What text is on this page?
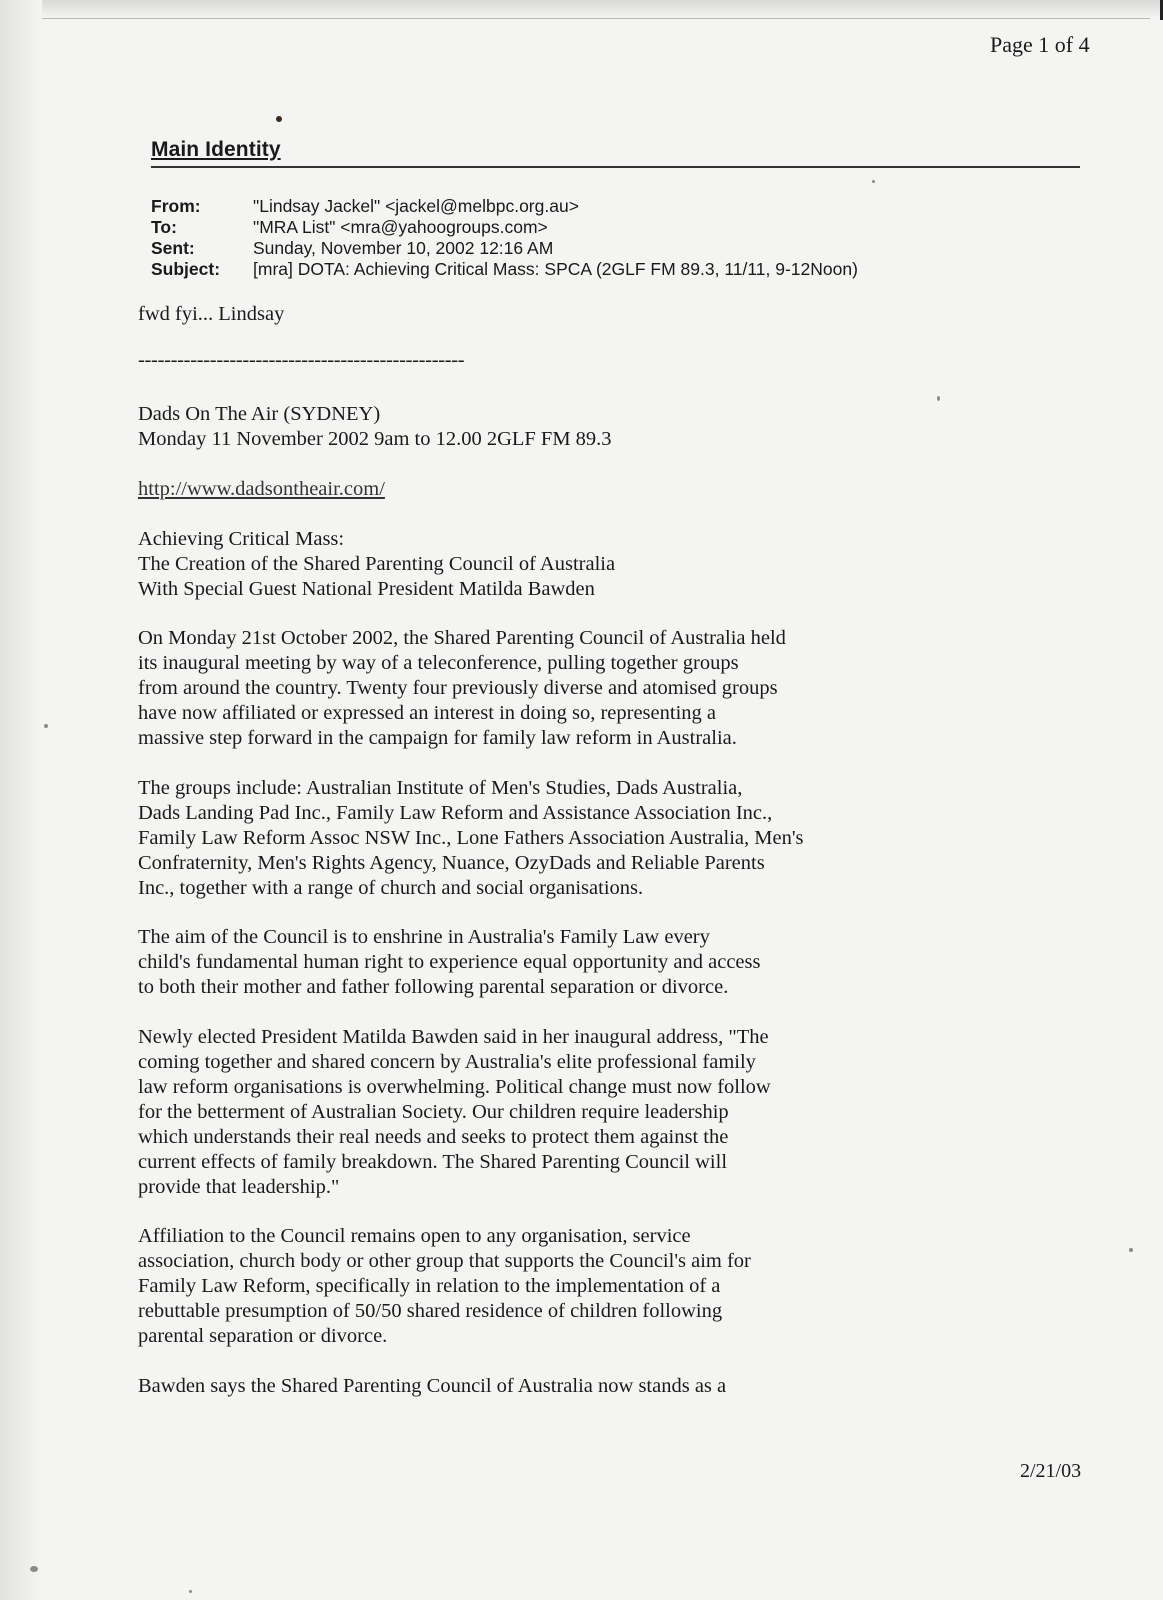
Page 1 of 4
Main Identity
From:	"Lindsay Jackel" <jackel@melbpc.org.au>
To:	"MRA List" <mra@yahoogroups.com>
Sent:	Sunday, November 10, 2002 12:16 AM
Subject:	[mra] DOTA: Achieving Critical Mass: SPCA (2GLF FM 89.3, 11/11, 9-12Noon)

fwd fyi... Lindsay

--------------------------------------------------

Dads On The Air (SYDNEY)
Monday 11 November 2002 9am to 12.00 2GLF FM 89.3

http://www.dadsontheair.com/

Achieving Critical Mass:
The Creation of the Shared Parenting Council of Australia
With Special Guest National President Matilda Bawden

On Monday 21st October 2002, the Shared Parenting Council of Australia held
its inaugural meeting by way of a teleconference, pulling together groups
from around the country. Twenty four previously diverse and atomised groups
have now affiliated or expressed an interest in doing so, representing a
massive step forward in the campaign for family law reform in Australia.

The groups include: Australian Institute of Men's Studies, Dads Australia,
Dads Landing Pad Inc., Family Law Reform and Assistance Association Inc.,
Family Law Reform Assoc NSW Inc., Lone Fathers Association Australia, Men's
Confraternity, Men's Rights Agency, Nuance, OzyDads and Reliable Parents
Inc., together with a range of church and social organisations.

The aim of the Council is to enshrine in Australia's Family Law every
child's fundamental human right to experience equal opportunity and access
to both their mother and father following parental separation or divorce.

Newly elected President Matilda Bawden said in her inaugural address, "The
coming together and shared concern by Australia's elite professional family
law reform organisations is overwhelming. Political change must now follow
for the betterment of Australian Society. Our children require leadership
which understands their real needs and seeks to protect them against the
current effects of family breakdown. The Shared Parenting Council will
provide that leadership."

Affiliation to the Council remains open to any organisation, service
association, church body or other group that supports the Council's aim for
Family Law Reform, specifically in relation to the implementation of a
rebuttable presumption of 50/50 shared residence of children following
parental separation or divorce.

Bawden says the Shared Parenting Council of Australia now stands as a

2/21/03
